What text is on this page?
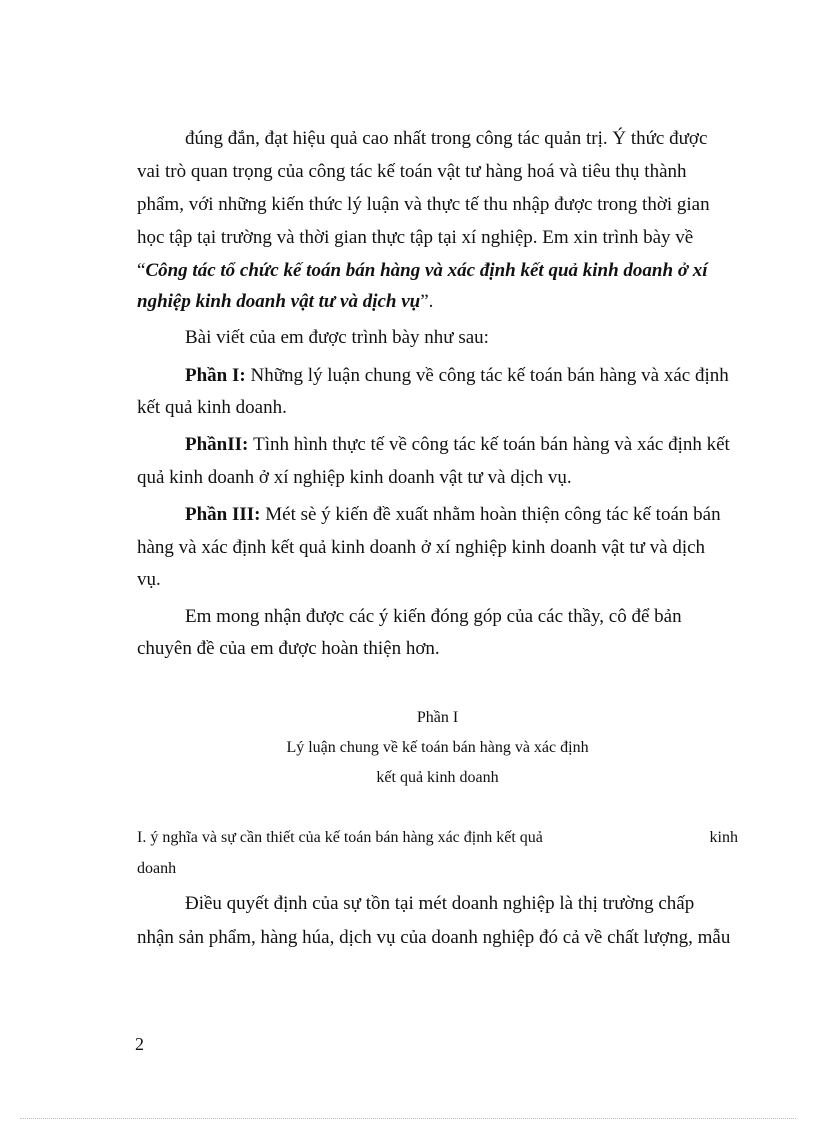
đúng đắn, đạt hiệu quả cao nhất trong công tác quản trị. Ý thức được
vai trò quan trọng của công tác kế toán vật tư hàng hoá và tiêu thụ thành
phẩm, với những kiến thức lý luận và thực tế thu nhập được trong thời gian
học tập tại trường và thời gian thực tập tại xí nghiệp. Em xin trình bày về
“ Công tác tổ chức kế toán bán hàng và xác định kết quả kinh doanh ở xí
nghiệp kinh doanh vật tư và dịch vụ ”.
Bài viết của em được trình bày như sau:
Phần I:
Những lý luận chung về công tác kế toán bán hàng và xác định
kết quả kinh doanh.
PhầnII:
Tình hình thực tế về công tác kế toán bán hàng và xác định kết
quả kinh doanh ở xí nghiệp kinh doanh vật tư và dịch vụ.
Phần III:
Mét sè ý kiến đề xuất nhằm hoàn thiện công tác kế toán bán
hàng và xác định kết quả kinh doanh ở xí nghiệp kinh doanh vật tư và dịch
vụ.
Em mong nhận được các ý kiến đóng góp của các thầy, cô để bản
chuyên đề của em được hoàn thiện hơn.
Phần I
Lý luận chung về kế toán bán hàng và xác định
kết quả kinh doanh
I. ý nghĩa và sự cần thiết của kế toán bán hàng xác định kết quả	kinh
doanh
Điều quyết định của sự tồn tại mét doanh nghiệp là thị trường chấp
nhận sản phẩm, hàng húa, dịch vụ của doanh nghiệp đó cả về chất lượng, mẫu
2
